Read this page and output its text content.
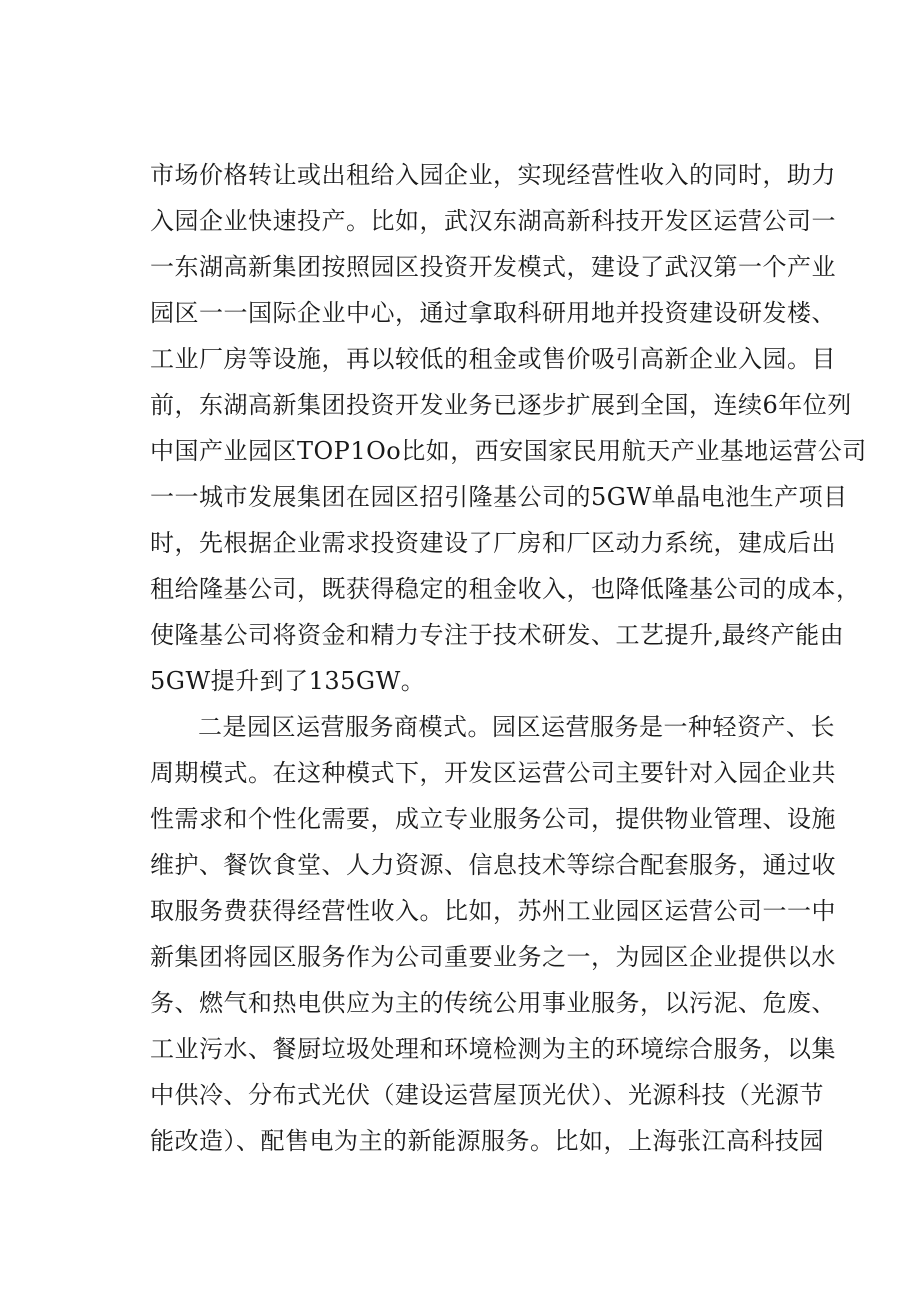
市场价格转让或出租给入园企业，实现经营性收入的同时，助力
入园企业快速投产。比如，武汉东湖高新科技开发区运营公司一
一东湖高新集团按照园区投资开发模式，建设了武汉第一个产业
园区一一国际企业中心，通过拿取科研用地并投资建设研发楼、
工业厂房等设施，再以较低的租金或售价吸引高新企业入园。目
前，东湖高新集团投资开发业务已逐步扩展到全国，连续6年位列
中国产业园区TOP1Oo比如，西安国家民用航天产业基地运营公司
一一城市发展集团在园区招引隆基公司的5GW单晶电池生产项目
时，先根据企业需求投资建设了厂房和厂区动力系统，建成后出
租给隆基公司，既获得稳定的租金收入，也降低隆基公司的成本，
使隆基公司将资金和精力专注于技术研发、工艺提升,最终产能由
5GW提升到了135GW。
二是园区运营服务商模式。园区运营服务是一种轻资产、长
周期模式。在这种模式下，开发区运营公司主要针对入园企业共
性需求和个性化需要，成立专业服务公司，提供物业管理、设施
维护、餐饮食堂、人力资源、信息技术等综合配套服务，通过收
取服务费获得经营性收入。比如，苏州工业园区运营公司一一中
新集团将园区服务作为公司重要业务之一，为园区企业提供以水
务、燃气和热电供应为主的传统公用事业服务，以污泥、危废、
工业污水、餐厨垃圾处理和环境检测为主的环境综合服务，以集
中供冷、分布式光伏（建设运营屋顶光伏）、光源科技（光源节
能改造）、配售电为主的新能源服务。比如，上海张江高科技园
